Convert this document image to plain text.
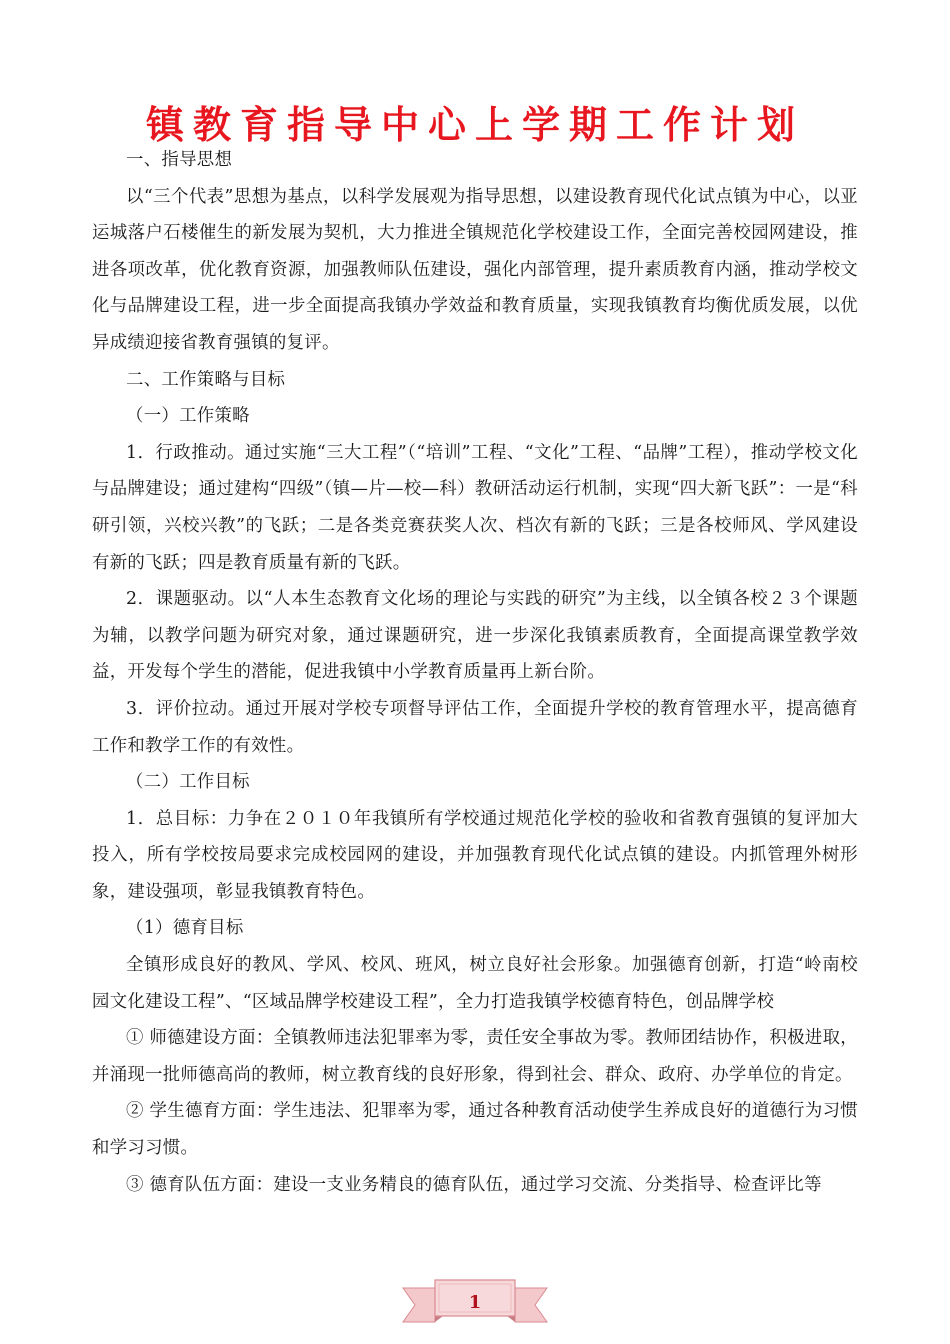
镇教育指导中心上学期工作计划

一、指导思想

以“三个代表”思想为基点，以科学发展观为指导思想，以建设教育现代化试点镇为中心，以亚运城落户石楼催生的新发展为契机，大力推进全镇规范化学校建设工作，全面完善校园网建设，推进各项改革，优化教育资源，加强教师队伍建设，强化内部管理，提升素质教育内涵，推动学校文化与品牌建设工程，进一步全面提高我镇办学效益和教育质量，实现我镇教育均衡优质发展，以优异成绩迎接省教育强镇的复评。

二、工作策略与目标

（一）工作策略

1．行政推动。通过实施“三大工程”（“培训”工程、“文化”工程、“品牌”工程），推动学校文化与品牌建设；通过建构“四级”（镇—片—校—科）教研活动运行机制，实现“四大新飞跃”：一是“科研引领，兴校兴教”的飞跃；二是各类竞赛获奖人次、档次有新的飞跃；三是各校师风、学风建设有新的飞跃；四是教育质量有新的飞跃。

2．课题驱动。以“人本生态教育文化场的理论与实践的研究”为主线，以全镇各校２３个课题为辅，以教学问题为研究对象，通过课题研究，进一步深化我镇素质教育，全面提高课堂教学效益，开发每个学生的潜能，促进我镇中小学教育质量再上新台阶。

3．评价拉动。通过开展对学校专项督导评估工作，全面提升学校的教育管理水平，提高德育工作和教学工作的有效性。

（二）工作目标

1．总目标：力争在２０１０年我镇所有学校通过规范化学校的验收和省教育强镇的复评加大投入，所有学校按局要求完成校园网的建设，并加强教育现代化试点镇的建设。内抓管理外树形象，建设强项，彰显我镇教育特色。

（1）德育目标

全镇形成良好的教风、学风、校风、班风，树立良好社会形象。加强德育创新，打造“岭南校园文化建设工程”、“区域品牌学校建设工程”，全力打造我镇学校德育特色，创品牌学校

① 师德建设方面：全镇教师违法犯罪率为零，责任安全事故为零。教师团结协作，积极进取，并涌现一批师德高尚的教师，树立教育线的良好形象，得到社会、群众、政府、办学单位的肯定。

② 学生德育方面：学生违法、犯罪率为零，通过各种教育活动使学生养成良好的道德行为习惯和学习习惯。

③ 德育队伍方面：建设一支业务精良的德育队伍，通过学习交流、分类指导、检查评比等

1
